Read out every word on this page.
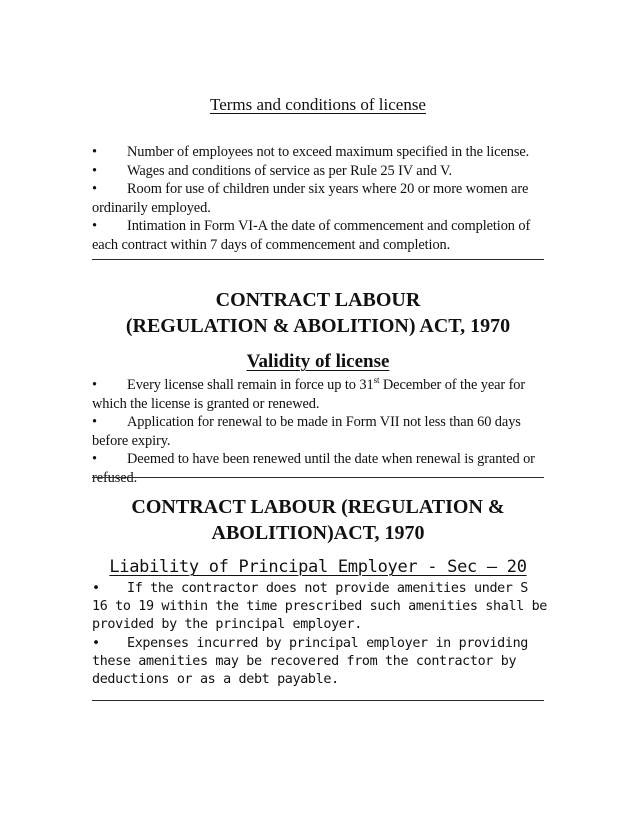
Terms and conditions of license
• Number of employees not to exceed maximum specified in the license.
• Wages and conditions of service as per Rule 25 IV and V.
• Room for use of children under six years where 20 or more women are ordinarily employed.
• Intimation in Form VI-A the date of commencement and completion of each contract within 7 days of commencement and completion.
CONTRACT LABOUR
(REGULATION & ABOLITION) ACT, 1970
Validity of license
• Every license shall remain in force up to 31st December of the year for which the license is granted or renewed.
• Application for renewal to be made in Form VII not less than 60 days before expiry.
• Deemed to have been renewed until the date when renewal is granted or refused.
CONTRACT LABOUR (REGULATION &
ABOLITION)ACT, 1970
Liability of Principal Employer - Sec – 20
• If the contractor does not provide amenities under S 16 to 19 within the time prescribed such amenities shall be provided by the principal employer.
• Expenses incurred by principal employer in providing these amenities may be recovered from the contractor by deductions or as a debt payable.
